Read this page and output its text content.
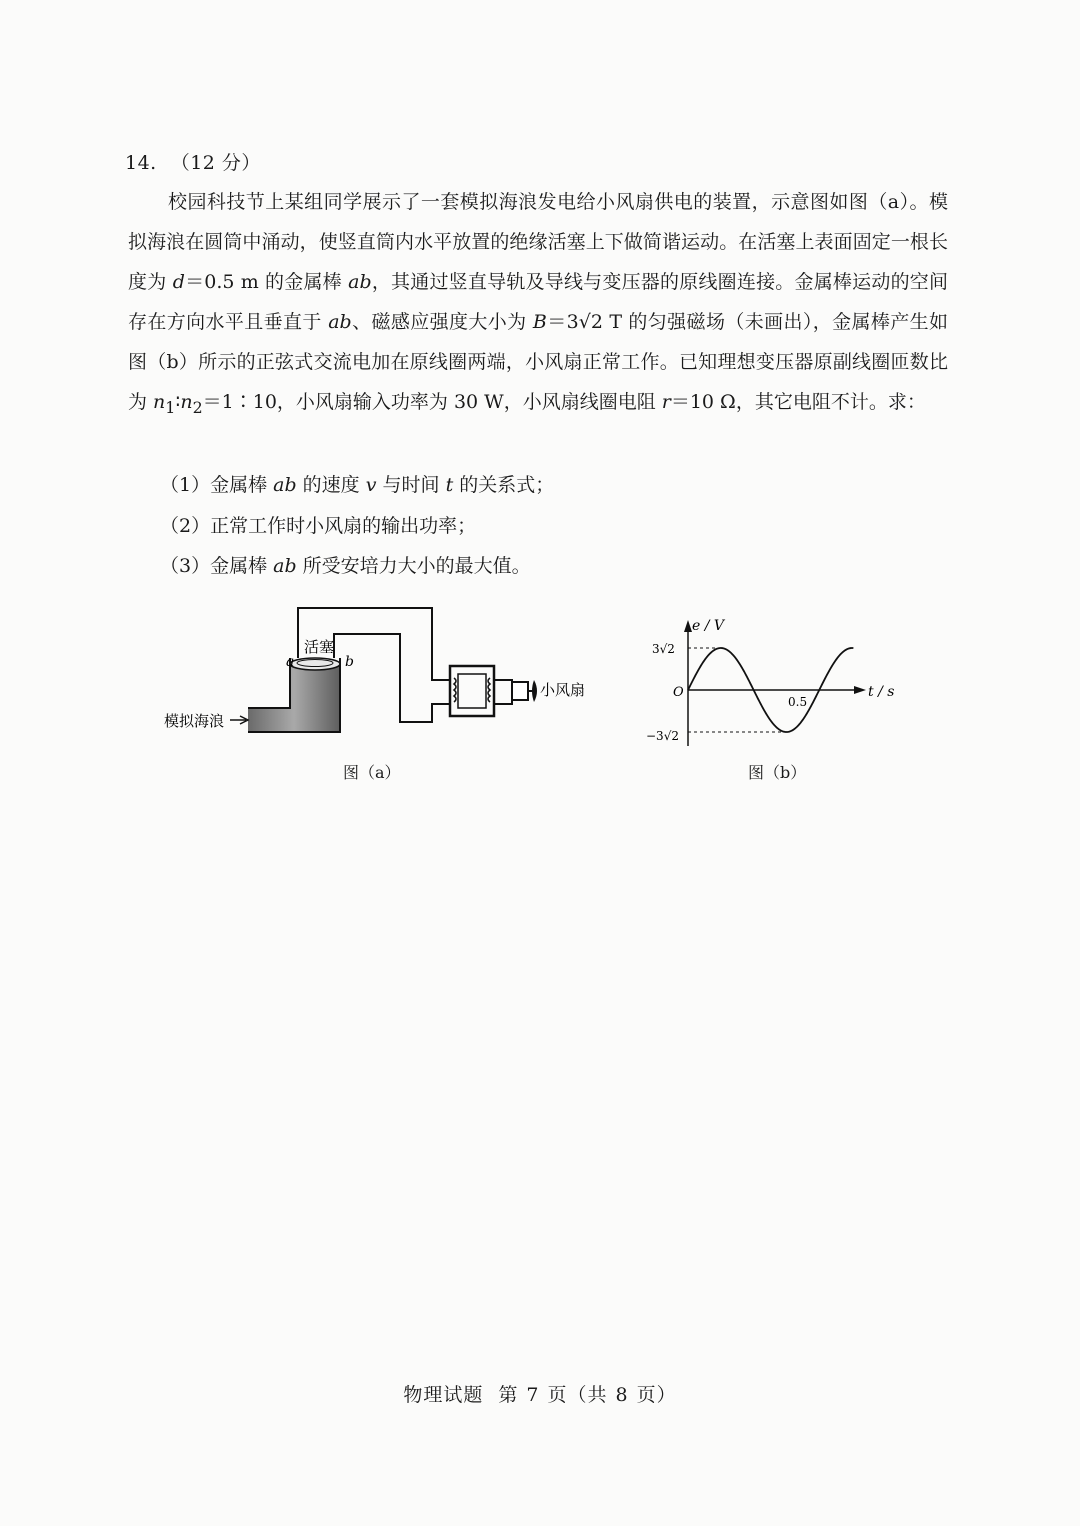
14. （12 分）
校园科技节上某组同学展示了一套模拟海浪发电给小风扇供电的装置，示意图如图（a）。模拟海浪在圆筒中涌动，使竖直筒内水平放置的绝缘活塞上下做简谐运动。在活塞上表面固定一根长度为 d＝0.5 m 的金属棒 ab，其通过竖直导轨及导线与变压器的原线圈连接。金属棒运动的空间存在方向水平且垂直于 ab、磁感应强度大小为 B＝3√2 T 的匀强磁场（未画出），金属棒产生如图（b）所示的正弦式交流电加在原线圈两端，小风扇正常工作。已知理想变压器原副线圈匝数比为 $n_1∶n_2=1∶10$，小风扇输入功率为 30 W，小风扇线圈电阻 r＝10 Ω，其它电阻不计。求：
（1）金属棒 ab 的速度 v 与时间 t 的关系式；
（2）正常工作时小风扇的输出功率；
（3）金属棒 ab 所受安培力大小的最大值。
活塞
a	b
模拟海浪
小风扇
图（a）
e / V
t / s
O
3√2
−3√2
0.5
图（b）
物理试题 第 7 页（共 8 页）
